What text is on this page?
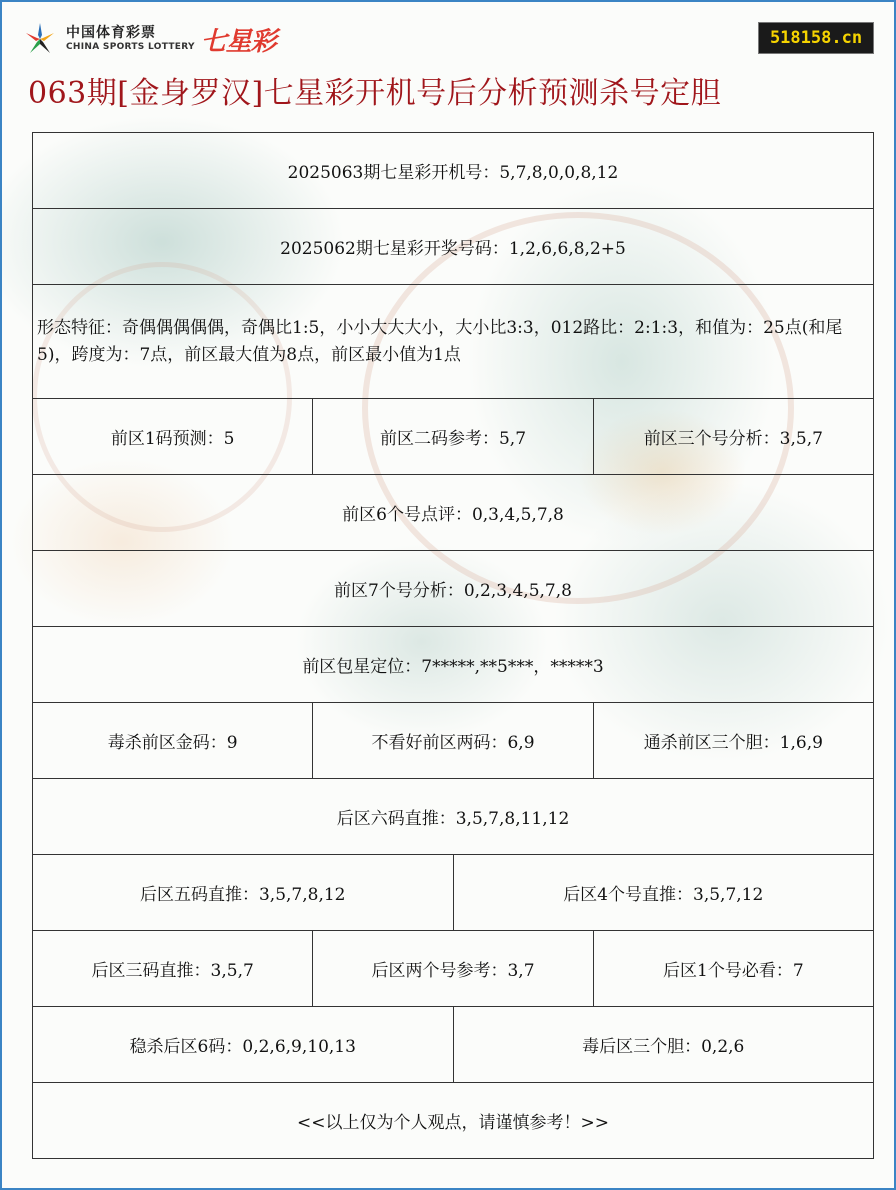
中国体育彩票
CHINA SPORTS LOTTERY 七星彩	518158.cn
063期[金身罗汉]七星彩开机号后分析预测杀号定胆
2025063期七星彩开机号：5,7,8,0,0,8,12
2025062期七星彩开奖号码：1,2,6,6,8,2+5
形态特征：奇偶偶偶偶偶，奇偶比1:5，小小大大大小，大小比3:3，012路比：2:1:3，和值为：25点(和尾5)，跨度为：7点，前区最大值为8点，前区最小值为1点
前区1码预测：5	前区二码参考：5,7	前区三个号分析：3,5,7
前区6个号点评：0,3,4,5,7,8
前区7个号分析：0,2,3,4,5,7,8
前区包星定位：7*****,**5***，*****3
毒杀前区金码：9	不看好前区两码：6,9	通杀前区三个胆：1,6,9
后区六码直推：3,5,7,8,11,12
后区五码直推：3,5,7,8,12	后区4个号直推：3,5,7,12
后区三码直推：3,5,7	后区两个号参考：3,7	后区1个号必看：7
稳杀后区6码：0,2,6,9,10,13	毒后区三个胆：0,2,6
<<以上仅为个人观点，请谨慎参考！>>
